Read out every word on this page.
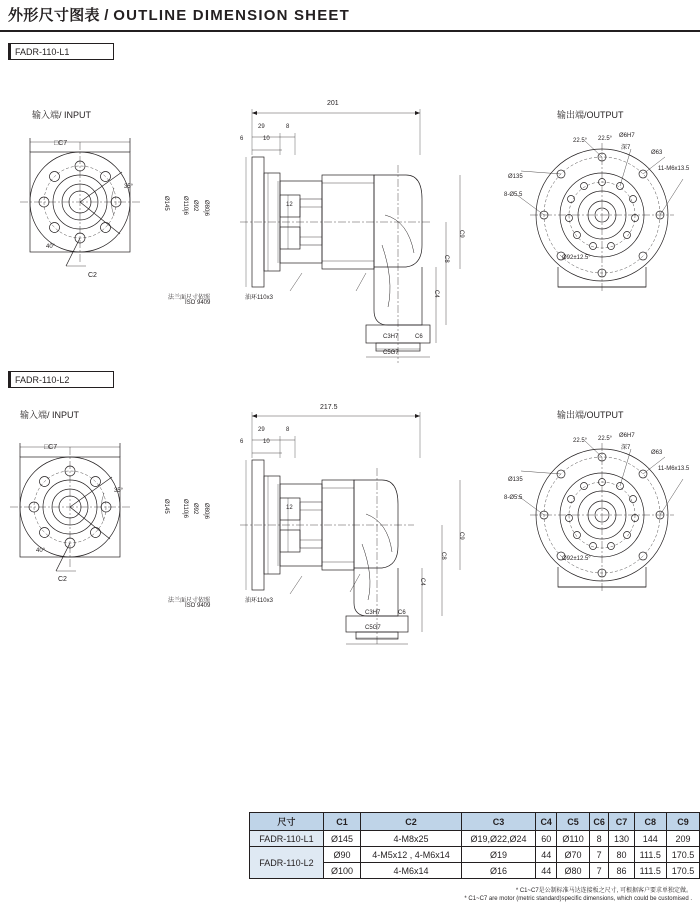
外形尺寸图表 / OUTLINE DIMENSION SHEET
FADR-110-L1
输入端/ INPUT	输出端/OUTPUT
□C7
35°
40°
C2
201
29	8
6	10
12
Ø145 Ø110j6 Ø92 Ø80j6
C9
C8
C4
C3H7	C6
C5G7
法兰面尺寸依照
ISO 9409
油环110x3
22.5° 22.5° Ø6H7
深7
Ø63
11-M6x13.5
Ø135
8-Ø5.5
Ø92±12.5°
FADR-110-L2
输入端/ INPUT	输出端/OUTPUT
□C7
35°
40°
C2
217.5
29	8
6	10
12
Ø145 Ø110j6 Ø92 Ø80j6
C9
C8
C4
C3H7	C6
C5G7
法兰面尺寸依照
ISO 9409
油环110x3
22.5° 22.5° Ø6H7
深7
Ø63
11-M6x13.5
Ø135
8-Ø5.5
Ø92±12.5°
尺寸	C1	C2	C3	C4	C5	C6	C7	C8	C9
FADR-110-L1	Ø145	4-M8x25	Ø19,Ø22,Ø24	60	Ø110	8	130	144	209
FADR-110-L2	Ø90	4-M5x12 , 4-M6x14	Ø19	44	Ø70	7	80	111.5	170.5
	Ø100	4-M6x14	Ø16	44	Ø80	7	86	111.5	170.5
* C1~C7是公制标准马达连接板之尺寸, 可根据客户要求单独定做。
* C1~C7 are motor (metric standard)specific dimensions, which could be customised .
